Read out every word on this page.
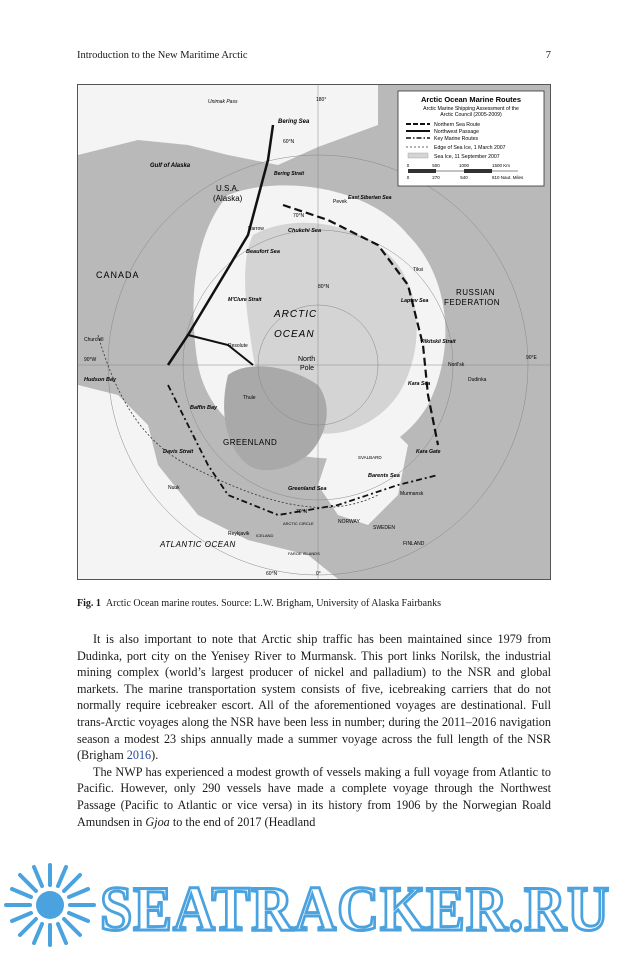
Introduction to the New Maritime Arctic	7
Arctic Ocean Marine Routes
Arctic Marine Shipping Assessment of the
Arctic Council (2005-2009)
Northern Sea Route
Northwest Passage
Key Marine Routes
Edge of Sea Ice, 1 March 2007
Sea Ice, 11 September 2007
0	500	1000	1500 Km
0	270	540	810 Naut. Miles
Unimak Pass
Bering Sea
180°
60°N
Gulf of Alaska
U.S.A.
(Alaska)
Bering Strait
East Siberian Sea
Pevek
70°N
Barrow	Chukchi Sea
CANADA
Beaufort Sea
Tiksi
80°N
RUSSIAN
FEDERATION
M'Clure Strait
ARCTIC
OCEAN
Laptev Sea
Churchill
Resolute
Vilkitskii Strait
90°W	North
Pole	Noril'sk
90°E
Hudson Bay	Dudinka
Thule
Kara Sea
Baffin Bay
GREENLAND
Davis Strait
SVALBARD
Kara Gate
Barents Sea
Nuuk
Murmansk
Greenland Sea
70°N
NORWAY
SWEDEN
FINLAND
Reykjavik ICELAND
ARCTIC CIRCLE
ATLANTIC OCEAN
FAROE ISLANDS
60°N	0°
Fig. 1 Arctic Ocean marine routes. Source: L.W. Brigham, University of Alaska Fairbanks

It is also important to note that Arctic ship traffic has been maintained since 1979 from Dudinka, port city on the Yenisey River to Murmansk. This port links Norilsk, the industrial mining complex (world’s largest producer of nickel and palladium) to the NSR and global markets. The marine transportation system consists of five, icebreaking carriers that do not normally require icebreaker escort. All of the aforementioned voyages are destinational. Full trans-Arctic voyages along the NSR have been less in number; during the 2011–2016 navigation season a modest 23 ships annually made a summer voyage across the full length of the NSR (Brigham 2016).

The NWP has experienced a modest growth of vessels making a full voyage from Atlantic to Pacific. However, only 290 vessels have made a complete voyage through the Northwest Passage (Pacific to Atlantic or vice versa) in its history from 1906 by the Norwegian Roald Amundsen in Gjoa to the end of 2017 (Headland

SEATRACKER.RU
